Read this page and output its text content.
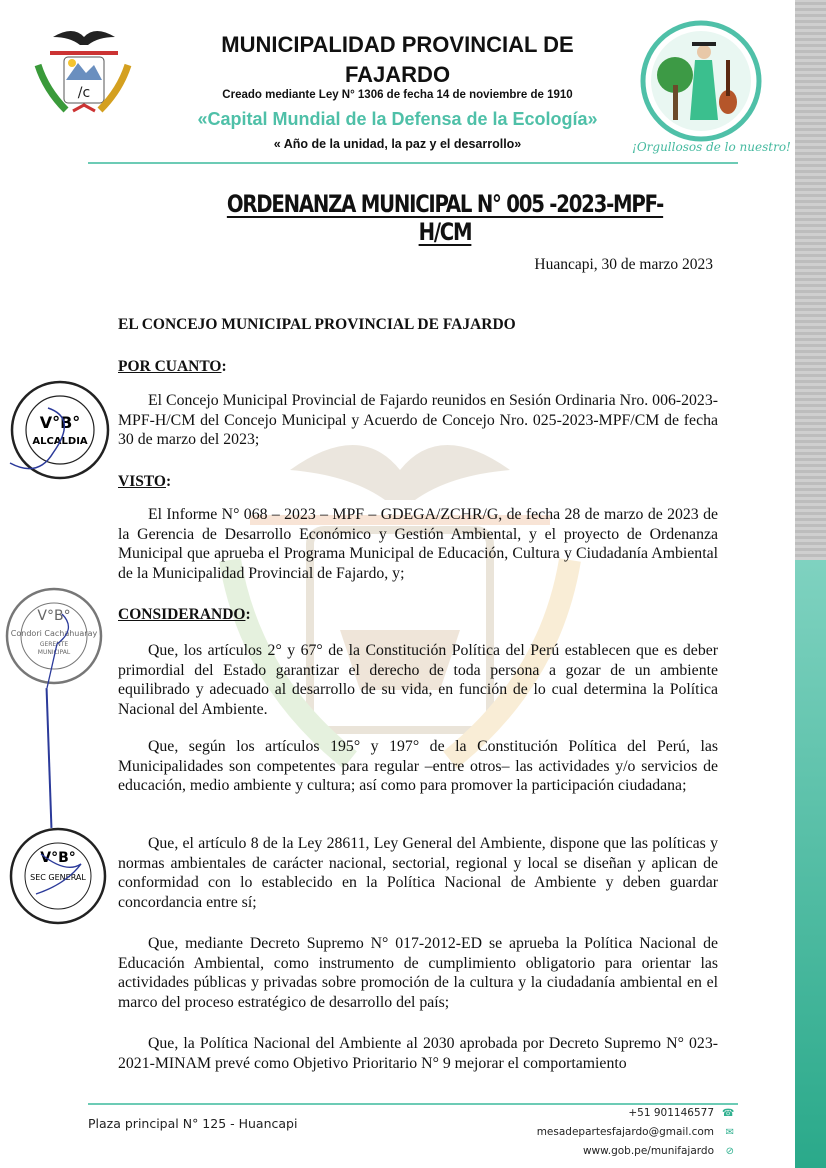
/c
MUNICIPALIDAD PROVINCIAL DE
FAJARDO
Creado mediante Ley N° 1306 de fecha 14 de noviembre de 1910
«Capital Mundial de la Defensa de la Ecología»
« Año de la unidad, la paz y el desarrollo»	¡Orgullosos de lo nuestro!
ORDENANZA MUNICIPAL N° 005 -2023-MPF-H/CM
Huancapi, 30 de marzo 2023
EL CONCEJO MUNICIPAL PROVINCIAL DE FAJARDO
POR CUANTO:
El Concejo Municipal Provincial de Fajardo reunidos en Sesión Ordinaria Nro. 006-2023-MPF-H/CM del Concejo Municipal y Acuerdo de Concejo Nro. 025-2023-MPF/CM de fecha 30 de marzo del 2023;
VISTO:
El Informe N° 068 – 2023 – MPF – GDEGA/ZCHR/G, de fecha 28 de marzo de 2023 de la Gerencia de Desarrollo Económico y Gestión Ambiental, y el proyecto de Ordenanza Municipal que aprueba el Programa Municipal de Educación, Cultura y Ciudadanía Ambiental de la Municipalidad Provincial de Fajardo, y;
CONSIDERANDO:
Que, los artículos 2° y 67° de la Constitución Política del Perú establecen que es deber primordial del Estado garantizar el derecho de toda persona a gozar de un ambiente equilibrado y adecuado al desarrollo de su vida, en función de lo cual determina la Política Nacional del Ambiente.
Que, según los artículos 195° y 197° de la Constitución Política del Perú, las Municipalidades son competentes para regular –entre otros– las actividades y/o servicios de educación, medio ambiente y cultura; así como para promover la participación ciudadana;
Que, el artículo 8 de la Ley 28611, Ley General del Ambiente, dispone que las políticas y normas ambientales de carácter nacional, sectorial, regional y local se diseñan y aplican de conformidad con lo establecido en la Política Nacional de Ambiente y deben guardar concordancia entre sí;
Que, mediante Decreto Supremo N° 017-2012-ED se aprueba la Política Nacional de Educación Ambiental, como instrumento de cumplimiento obligatorio para orientar las actividades públicas y privadas sobre promoción de la cultura y la ciudadanía ambiental en el marco del proceso estratégico de desarrollo del país;
Que, la Política Nacional del Ambiente al 2030 aprobada por Decreto Supremo N° 023-2021-MINAM prevé como Objetivo Prioritario N° 9 mejorar el comportamiento
V°B°
ALCALDIA
V°B°
Condori Cachahuaray
GERENTE
MUNICIPAL
V°B°
SEC GENERAL
Plaza principal N° 125 - Huancapi
+51 901146577 ☎
mesadepartesfajardo@gmail.com ✉
www.gob.pe/munifajardo ⊘
